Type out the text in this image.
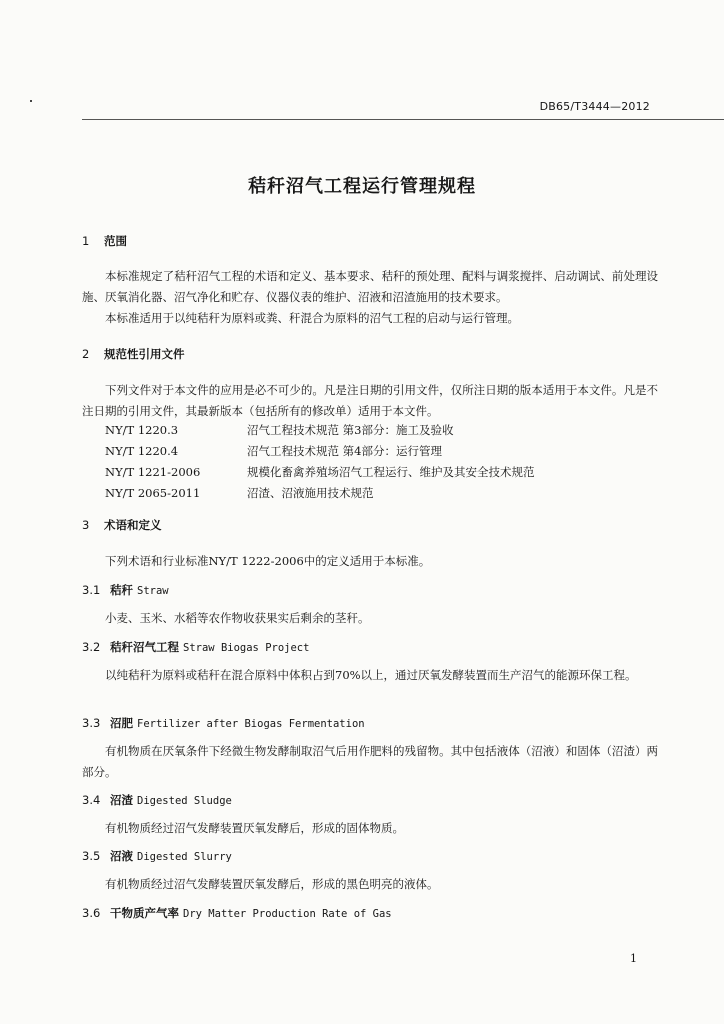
DB65/T3444—2012
秸秆沼气工程运行管理规程
1 范围
本标准规定了秸秆沼气工程的术语和定义、基本要求、秸秆的预处理、配料与调浆搅拌、启动调试、前处理设施、厌氧消化器、沼气净化和贮存、仪器仪表的维护、沼液和沼渣施用的技术要求。
本标准适用于以纯秸秆为原料或粪、秆混合为原料的沼气工程的启动与运行管理。
2 规范性引用文件
下列文件对于本文件的应用是必不可少的。凡是注日期的引用文件，仅所注日期的版本适用于本文件。凡是不注日期的引用文件，其最新版本（包括所有的修改单）适用于本文件。
NY/T 1220.3	沼气工程技术规范 第3部分：施工及验收
NY/T 1220.4	沼气工程技术规范 第4部分：运行管理
NY/T 1221-2006	规模化畜禽养殖场沼气工程运行、维护及其安全技术规范
NY/T 2065-2011	沼渣、沼液施用技术规范
3 术语和定义
下列术语和行业标准NY/T 1222-2006中的定义适用于本标准。
3.1 秸秆 Straw
小麦、玉米、水稻等农作物收获果实后剩余的茎秆。
3.2 秸秆沼气工程 Straw Biogas Project
以纯秸秆为原料或秸秆在混合原料中体积占到70%以上，通过厌氧发酵装置而生产沼气的能源环保工程。
3.3 沼肥 Fertilizer after Biogas Fermentation
有机物质在厌氧条件下经微生物发酵制取沼气后用作肥料的残留物。其中包括液体（沼液）和固体（沼渣）两部分。
3.4 沼渣 Digested Sludge
有机物质经过沼气发酵装置厌氧发酵后，形成的固体物质。
3.5 沼液 Digested Slurry
有机物质经过沼气发酵装置厌氧发酵后，形成的黑色明亮的液体。
3.6 干物质产气率 Dry Matter Production Rate of Gas
1
